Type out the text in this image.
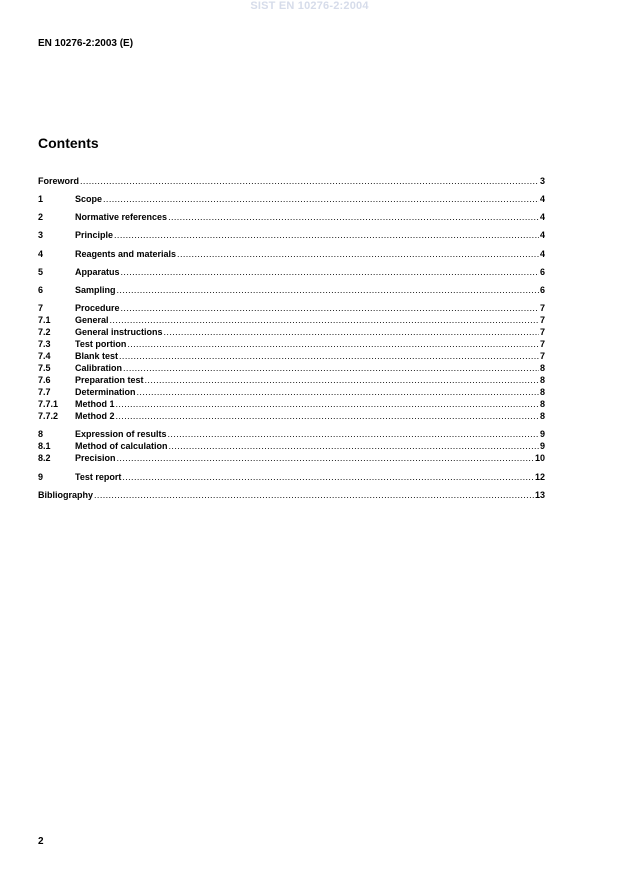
SIST EN 10276-2:2004
EN 10276-2:2003 (E)
Contents
Foreword .....	3
1	Scope .....	4
2	Normative references .....	4
3	Principle .....	4
4	Reagents and materials .....	4
5	Apparatus .....	6
6	Sampling .....	6
7	Procedure .....	7
7.1	General .....	7
7.2	General instructions .....	7
7.3	Test portion .....	7
7.4	Blank test .....	7
7.5	Calibration .....	8
7.6	Preparation test .....	8
7.7	Determination .....	8
7.7.1	Method 1 .....	8
7.7.2	Method 2 .....	8
8	Expression of results .....	9
8.1	Method of calculation .....	9
8.2	Precision .....	10
9	Test report .....	12
Bibliography .....	13
2
